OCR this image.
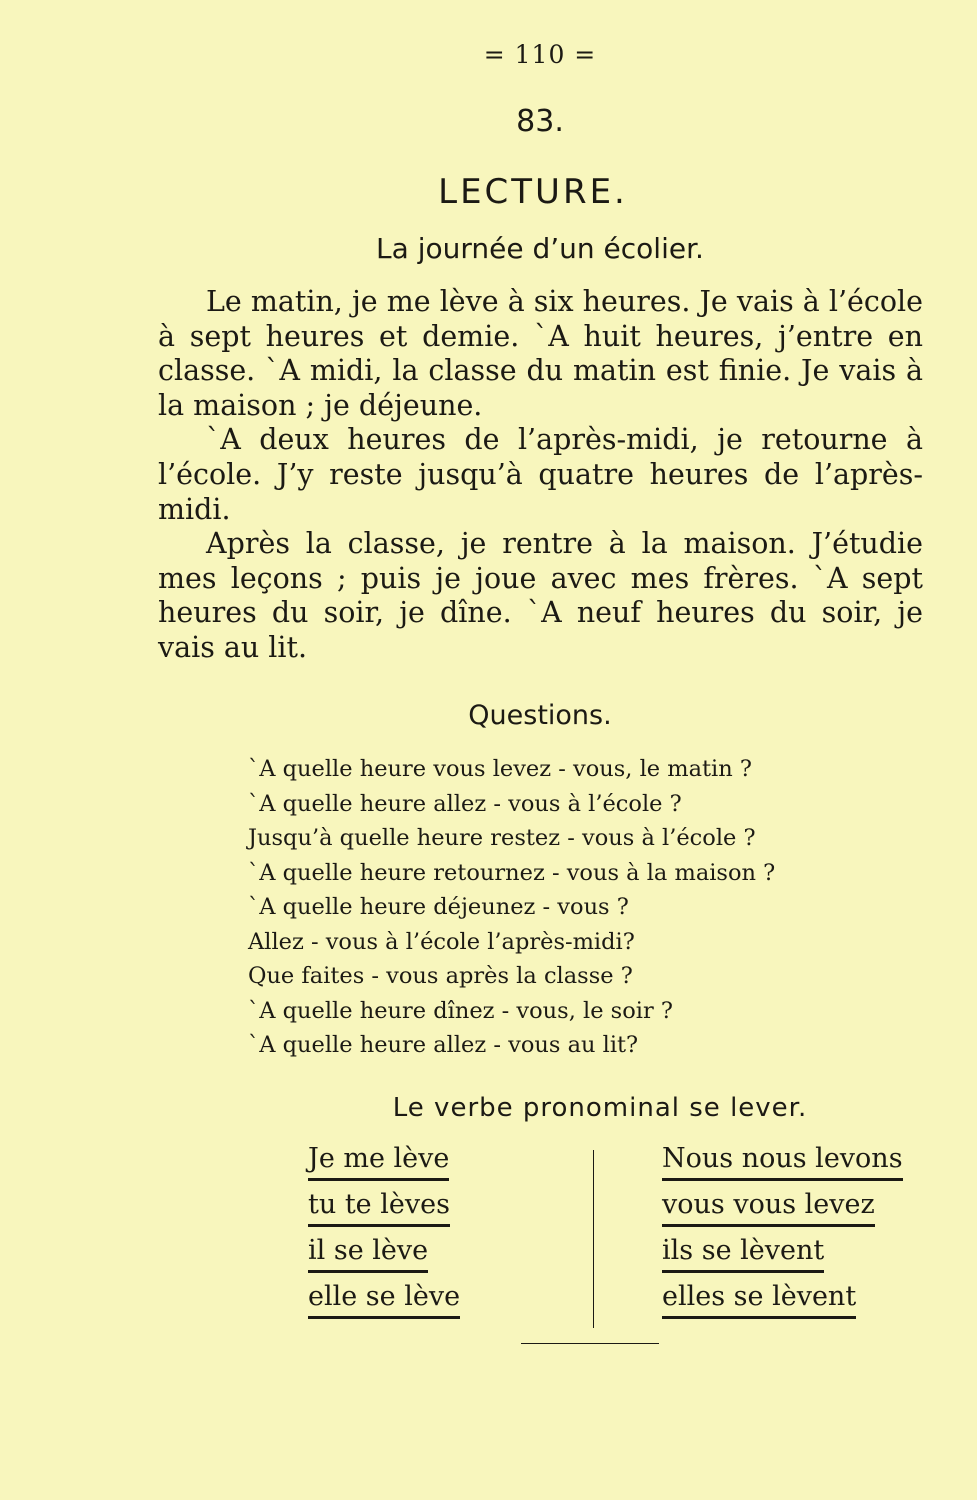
= 110 =
83.
LECTURE.
La journée d’un écolier.

Le matin, je me lève à six heures. Je vais à l’école à sept heures et demie. `A huit heures, j’entre en classe. `A midi, la classe du matin est finie. Je vais à la maison ; je déjeune.

`A deux heures de l’après-midi, je retourne à l’école. J’y reste jusqu’à quatre heures de l’après-midi.

Après la classe, je rentre à la maison. J’étudie mes leçons ; puis je joue avec mes frères. `A sept heures du soir, je dîne. `A neuf heures du soir, je vais au lit.

Questions.
`A quelle heure vous levez - vous, le matin ?
`A quelle heure allez - vous à l’école ?
Jusqu’à quelle heure restez - vous à l’école ?
`A quelle heure retournez - vous à la maison ?
`A quelle heure déjeunez - vous ?
Allez - vous à l’école l’après-midi?
Que faites - vous après la classe ?
`A quelle heure dînez - vous, le soir ?
`A quelle heure allez - vous au lit?
Le verbe pronominal se lever.
Je me lève
tu te lèves
il se lève
elle se lève
Nous nous levons
vous vous levez
ils se lèvent
elles se lèvent
